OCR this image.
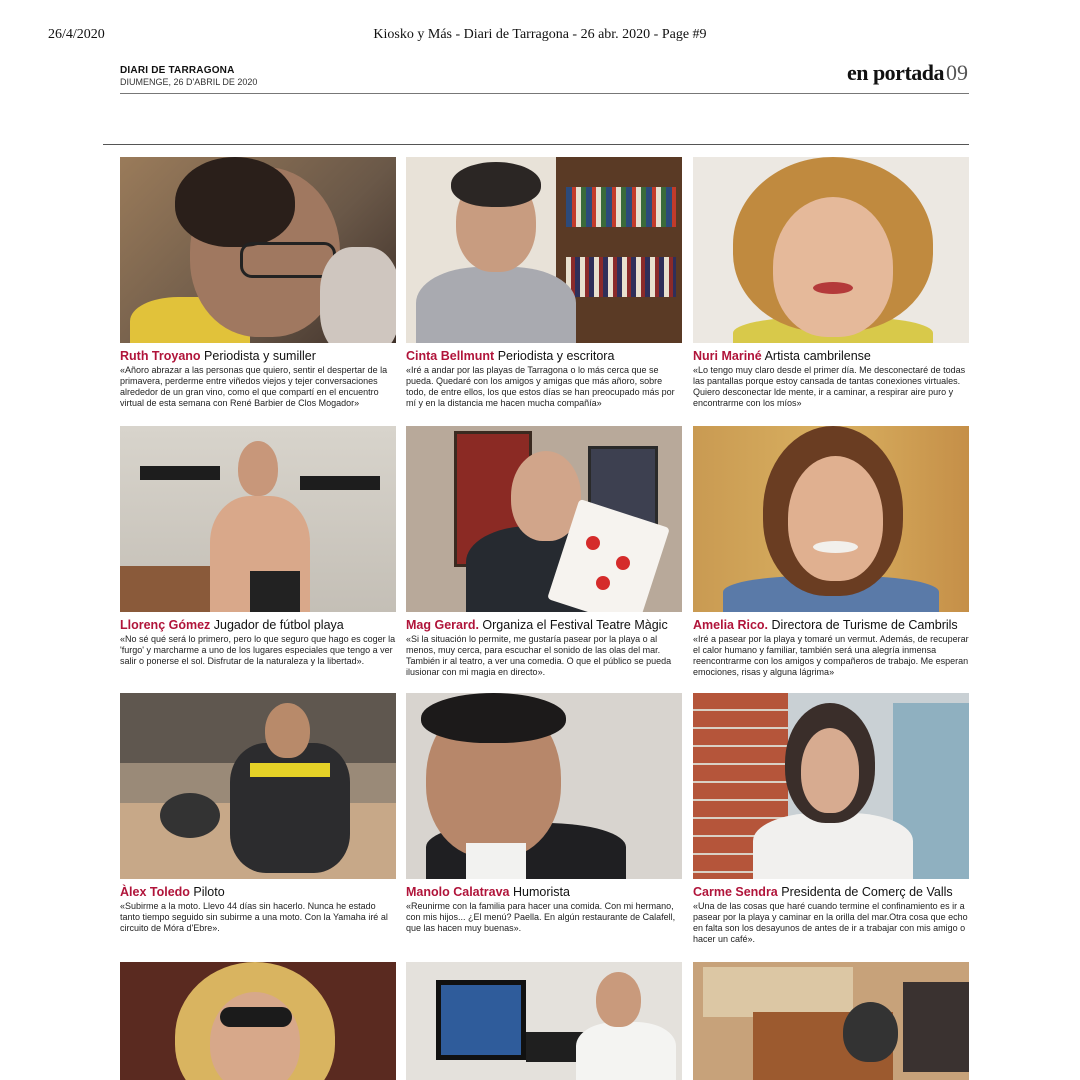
26/4/2020	Kiosko y Más - Diari de Tarragona - 26 abr. 2020 - Page #9
DIARI DE TARRAGONA
DIUMENGE, 26 D'ABRIL DE 2020	en portada09
Ruth Troyano Periodista y sumiller
«Añoro abrazar a las personas que quiero, sentir el despertar de la primavera, perderme entre viñedos viejos y tejer conversaciones alrededor de un gran vino, como el que compartí en el encuentro virtual de esta semana con René Barbier de Clos Mogador»
Cinta Bellmunt Periodista y escritora
«Iré a andar por las playas de Tarragona o lo más cerca que se pueda. Quedaré con los amigos y amigas que más añoro, sobre todo, de entre ellos, los que estos días se han preocupado más por mí y en la distancia me hacen mucha compañía»
Nuri Mariné Artista cambrilense
«Lo tengo muy claro desde el primer día. Me desconectaré de todas las pantallas porque estoy cansada de tantas conexiones virtuales. Quiero desconectar lde mente, ir a caminar, a respirar aire puro y encontrarme con los míos»
Llorenç Gómez Jugador de fútbol playa
«No sé qué será lo primero, pero lo que seguro que hago es coger la 'furgo' y marcharme a uno de los lugares especiales que tengo a ver salir o ponerse el sol. Disfrutar de la naturaleza y la libertad».
Mag Gerard. Organiza el Festival Teatre Màgic
«Si la situación lo permite, me gustaría pasear por la playa o al menos, muy cerca, para escuchar el sonido de las olas del mar. También ir al teatro, a ver una comedia. O que el público se pueda ilusionar con mi magia en directo».
Amelia Rico. Directora de Turisme de Cambrils
«Iré a pasear por la playa y tomaré un vermut. Además, de recuperar el calor humano y familiar, también será una alegría inmensa reencontrarme con los amigos y compañeros de trabajo. Me esperan emociones, risas y alguna lágrima»
Àlex Toledo Piloto
«Subirme a la moto. Llevo 44 días sin hacerlo. Nunca he estado tanto tiempo seguido sin subirme a una moto. Con la Yamaha iré al circuito de Móra d'Ebre».
Manolo Calatrava Humorista
«Reunirme con la familia para hacer una comida. Con mi hermano, con mis hijos... ¿El menú? Paella. En algún restaurante de Calafell, que las hacen muy buenas».
Carme Sendra Presidenta de Comerç de Valls
«Una de las cosas que haré cuando termine el confinamiento es ir a pasear por la playa y caminar en la orilla del mar.Otra cosa que echo en falta son los desayunos de antes de ir a trabajar con mis amigo o hacer un café».
